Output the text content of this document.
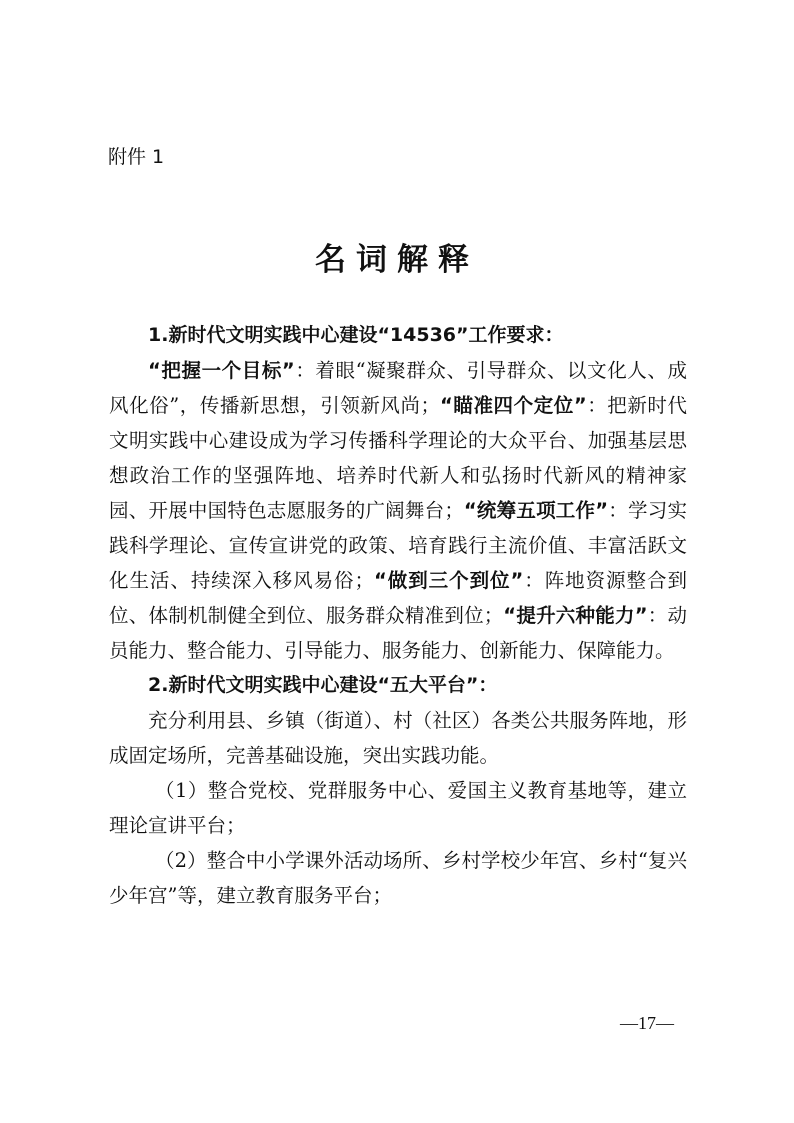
附件 1
名词解释

1.新时代文明实践中心建设“14536”工作要求：

“把握一个目标”：着眼“凝聚群众、引导群众、以文化人、成风化俗”，传播新思想，引领新风尚；“瞄准四个定位”：把新时代文明实践中心建设成为学习传播科学理论的大众平台、加强基层思想政治工作的坚强阵地、培养时代新人和弘扬时代新风的精神家园、开展中国特色志愿服务的广阔舞台；“统筹五项工作”：学习实践科学理论、宣传宣讲党的政策、培育践行主流价值、丰富活跃文化生活、持续深入移风易俗；“做到三个到位”：阵地资源整合到位、体制机制健全到位、服务群众精准到位；“提升六种能力”：动员能力、整合能力、引导能力、服务能力、创新能力、保障能力。

2.新时代文明实践中心建设“五大平台”：

充分利用县、乡镇（街道）、村（社区）各类公共服务阵地，形成固定场所，完善基础设施，突出实践功能。

（1）整合党校、党群服务中心、爱国主义教育基地等，建立理论宣讲平台；

（2）整合中小学课外活动场所、乡村学校少年宫、乡村“复兴少年宫”等，建立教育服务平台；

—17—
